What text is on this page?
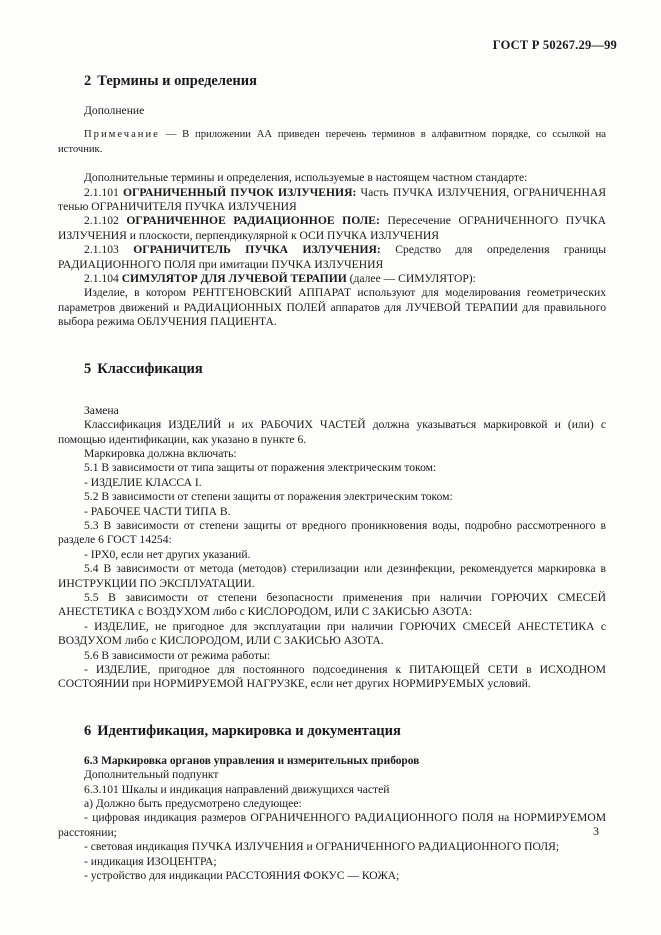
ГОСТ Р 50267.29—99
2 Термины и определения

Дополнение

Примечание — В приложении АА приведен перечень терминов в алфавитном порядке, со ссылкой на источник.

Дополнительные термины и определения, используемые в настоящем частном стандарте:

2.1.101 ОГРАНИЧЕННЫЙ ПУЧОК ИЗЛУЧЕНИЯ: Часть ПУЧКА ИЗЛУЧЕНИЯ, ОГРАНИЧЕННАЯ тенью ОГРАНИЧИТЕЛЯ ПУЧКА ИЗЛУЧЕНИЯ

2.1.102 ОГРАНИЧЕННОЕ РАДИАЦИОННОЕ ПОЛЕ: Пересечение ОГРАНИЧЕННОГО ПУЧКА ИЗЛУЧЕНИЯ и плоскости, перпендикулярной к ОСИ ПУЧКА ИЗЛУЧЕНИЯ

2.1.103 ОГРАНИЧИТЕЛЬ ПУЧКА ИЗЛУЧЕНИЯ: Средство для определения границы РАДИАЦИОННОГО ПОЛЯ при имитации ПУЧКА ИЗЛУЧЕНИЯ

2.1.104 СИМУЛЯТОР ДЛЯ ЛУЧЕВОЙ ТЕРАПИИ (далее — СИМУЛЯТОР):

Изделие, в котором РЕНТГЕНОВСКИЙ АППАРАТ используют для моделирования геометрических параметров движений и РАДИАЦИОННЫХ ПОЛЕЙ аппаратов для ЛУЧЕВОЙ ТЕРАПИИ для правильного выбора режима ОБЛУЧЕНИЯ ПАЦИЕНТА.

5 Классификация

Замена

Классификация ИЗДЕЛИЙ и их РАБОЧИХ ЧАСТЕЙ должна указываться маркировкой и (или) с помощью идентификации, как указано в пункте 6.

Маркировка должна включать:

5.1 В зависимости от типа защиты от поражения электрическим током:

- ИЗДЕЛИЕ КЛАССА I.

5.2 В зависимости от степени защиты от поражения электрическим током:

- РАБОЧЕЕ ЧАСТИ ТИПА В.

5.3 В зависимости от степени защиты от вредного проникновения воды, подробно рассмотренного в разделе 6 ГОСТ 14254:

- IPX0, если нет других указаний.

5.4 В зависимости от метода (методов) стерилизации или дезинфекции, рекомендуется маркировка в ИНСТРУКЦИИ ПО ЭКСПЛУАТАЦИИ.

5.5 В зависимости от степени безопасности применения при наличии ГОРЮЧИХ СМЕСЕЙ АНЕСТЕТИКА с ВОЗДУХОМ либо с КИСЛОРОДОМ, ИЛИ С ЗАКИСЬЮ АЗОТА:

- ИЗДЕЛИЕ, не пригодное для эксплуатации при наличии ГОРЮЧИХ СМЕСЕЙ АНЕСТЕТИКА с ВОЗДУХОМ либо с КИСЛОРОДОМ, ИЛИ С ЗАКИСЬЮ АЗОТА.

5.6 В зависимости от режима работы:

- ИЗДЕЛИЕ, пригодное для постоянного подсоединения к ПИТАЮЩЕЙ СЕТИ в ИСХОДНОМ СОСТОЯНИИ при НОРМИРУЕМОЙ НАГРУЗКЕ, если нет других НОРМИРУЕМЫХ условий.

6 Идентификация, маркировка и документация

6.3 Маркировка органов управления и измерительных приборов

Дополнительный подпункт

6.3.101 Шкалы и индикация направлений движущихся частей

а) Должно быть предусмотрено следующее:

- цифровая индикация размеров ОГРАНИЧЕННОГО РАДИАЦИОННОГО ПОЛЯ на НОРМИРУЕМОМ расстоянии;

- световая индикация ПУЧКА ИЗЛУЧЕНИЯ и ОГРАНИЧЕННОГО РАДИАЦИОННОГО ПОЛЯ;

- индикация ИЗОЦЕНТРА;

- устройство для индикации РАССТОЯНИЯ ФОКУС — КОЖА;

3
